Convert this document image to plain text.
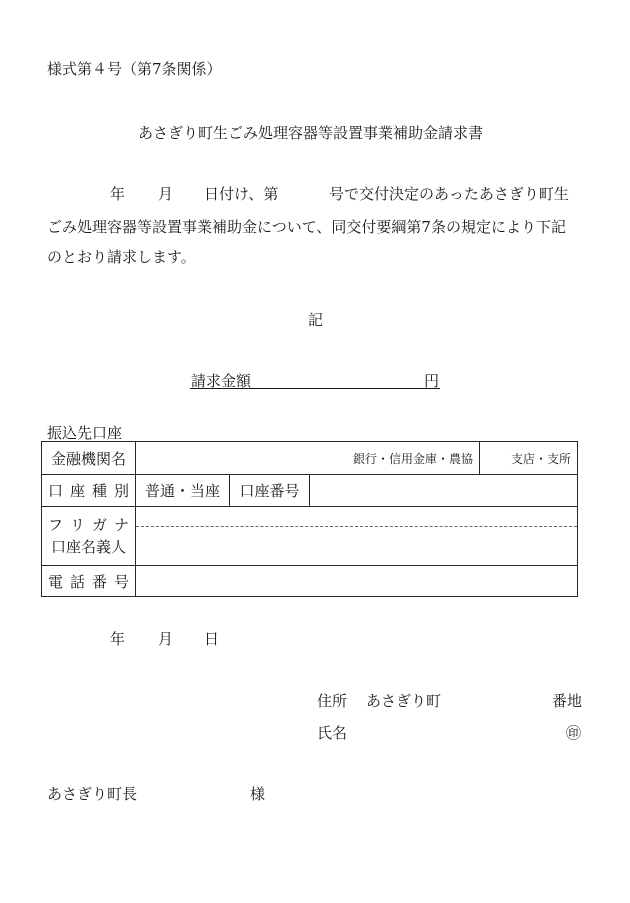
様式第４号（第7条関係）
あさぎり町生ごみ処理容器等設置事業補助金請求書
年 月 日付け、第	号で交付決定のあったあさぎり町生
ごみ処理容器等設置事業補助金について、同交付要綱第7条の規定により下記
のとおり請求します。
記
請求金額	円
振込先口座
金融機関名	銀行・信用金庫・農協			支店・支所

口 座 種 別	普通・当座	口座番号		

フ リ ガ ナ
口座名義人				

電 話 番 号				

年 月 日
住所 あさぎり町	番地
氏名	㊞
あさぎり町長	様
